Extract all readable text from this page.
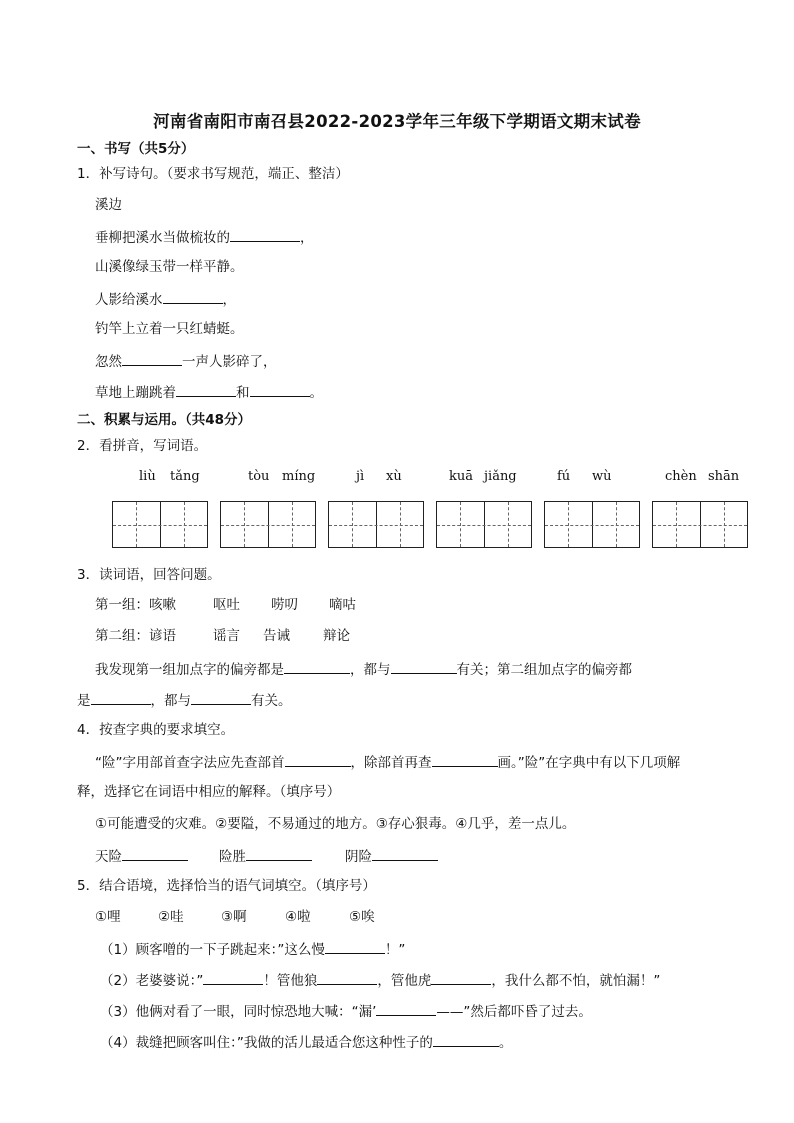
河南省南阳市南召县2022-2023学年三年级下学期语文期末试卷
一、书写（共5分）
1．补写诗句。（要求书写规范，端正、整洁）
溪边
垂柳把溪水当做梳妆的	，
山溪像绿玉带一样平静。
人影给溪水	，
钓竿上立着一只红蜻蜓。
忽然	一声人影碎了，
草地上蹦跳着	和	。
二、积累与运用。（共48分）
2．看拼音，写词语。
liù tǎng	tòu míng	jì xù	kuā jiǎng	fú wù	chèn shān
3．读词语，回答问题。
第一组：咳嗽	呕吐 唠叨 嘀咕
第二组：谚语	谣言 告诫 辩论
我发现第一组加点字的偏旁都是	，都与	有关；第二组加点字的偏旁都
是	，都与	有关。
4．按查字典的要求填空。
“险”字用部首查字法应先查部首	，除部首再查	画。”险”在字典中有以下几项解
释，选择它在词语中相应的解释。（填序号）
①可能遭受的灾难。②要隘，不易通过的地方。③存心狠毒。④几乎，差一点儿。
天险	险胜	阴险
5．结合语境，选择恰当的语气词填空。（填序号）
①哩	②哇	③啊	④啦	⑤唉
（1）顾客噌的一下子跳起来：”这么慢	！”
（2）老婆婆说：”	！管他狼	，管他虎	，我什么都不怕，就怕漏！”
（3）他俩对看了一眼，同时惊恐地大喊：“漏’	——”然后都吓昏了过去。
（4）裁缝把顾客叫住：”我做的活儿最适合您这种性子的	。
